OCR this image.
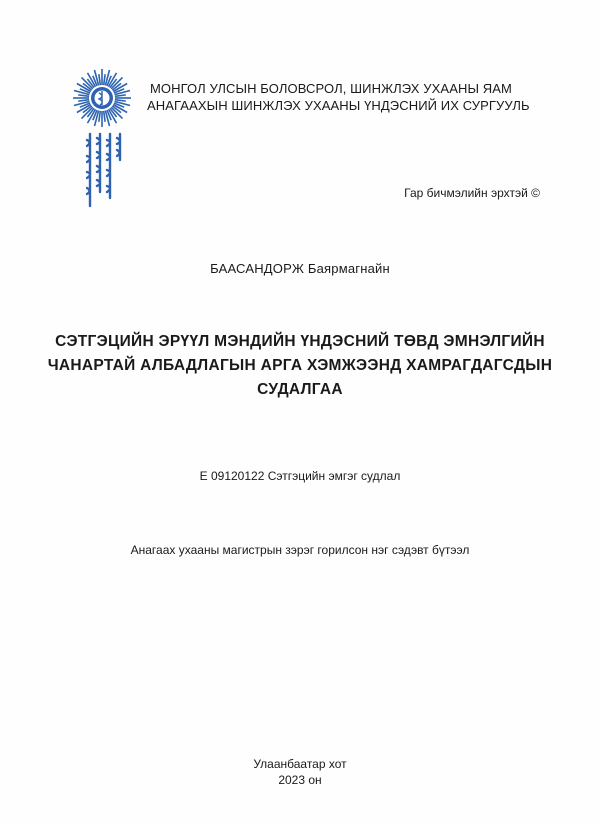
МОНГОЛ УЛСЫН БОЛОВСРОЛ, ШИНЖЛЭХ УХААНЫ ЯАМ
АНАГААХЫН ШИНЖЛЭХ УХААНЫ ҮНДЭСНИЙ ИХ СУРГУУЛЬ
Гар бичмэлийн эрхтэй ©
БААСАНДОРЖ Баярмагнайн
СЭТГЭЦИЙН ЭРҮҮЛ МЭНДИЙН ҮНДЭСНИЙ ТӨВД ЭМНЭЛГИЙН
ЧАНАРТАЙ АЛБАДЛАГЫН АРГА ХЭМЖЭЭНД ХАМРАГДАГСДЫН
СУДАЛГАА
E 09120122 Сэтгэцийн эмгэг судлал
Анагаах ухааны магистрын зэрэг горилсон нэг сэдэвт бүтээл
Улаанбаатар хот
2023 он
